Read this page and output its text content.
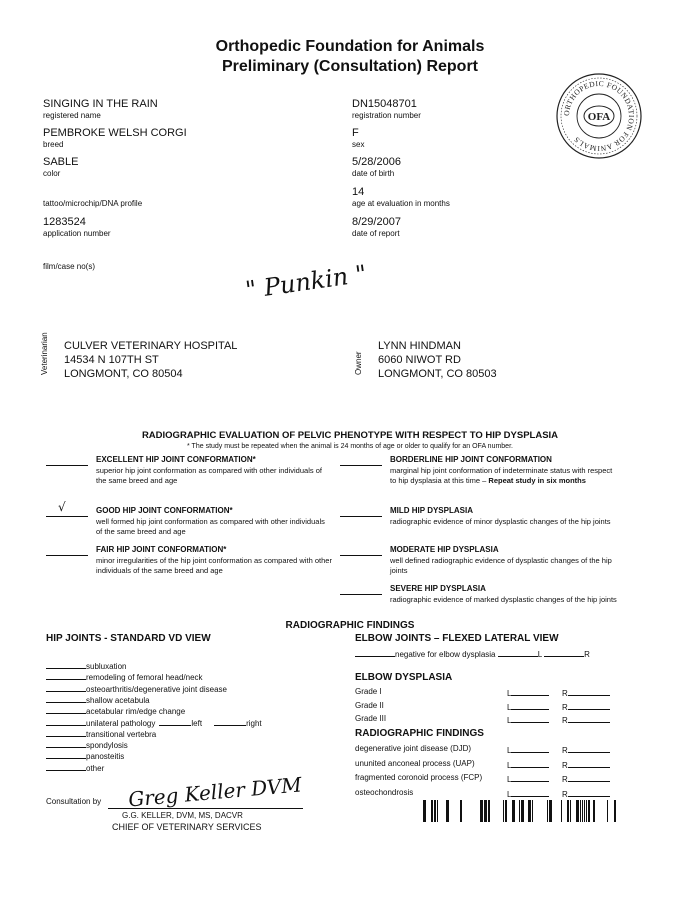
Orthopedic Foundation for Animals
Preliminary (Consultation) Report
ORTHOPEDIC FOUNDATION FOR ANIMALS
OFA
SINGING IN THE RAIN
registered name
PEMBROKE WELSH CORGI
breed
SABLE
color
tattoo/microchip/DNA profile
1283524
application number
film/case no(s)
DN15048701
registration number
F
sex
5/28/2006
date of birth
14
age at evaluation in months
8/29/2007
date of report
" Punkin "
Veterinarian CULVER VETERINARY HOSPITAL
14534 N 107TH ST
LONGMONT, CO 80504	Owner
LYNN HINDMAN
6060 NIWOT RD
LONGMONT, CO 80503
RADIOGRAPHIC EVALUATION OF PELVIC PHENOTYPE WITH RESPECT TO HIP DYSPLASIA
* The study must be repeated when the animal is 24 months of age or older to qualify for an OFA number.
EXCELLENT HIP JOINT CONFORMATION*
superior hip joint conformation as compared with other individuals of the same breed and age
√	GOOD HIP JOINT CONFORMATION*
well formed hip joint conformation as compared with other individuals of the same breed and age
FAIR HIP JOINT CONFORMATION*
minor irregularities of the hip joint conformation as compared with other individuals of the same breed and age
BORDERLINE HIP JOINT CONFORMATION
marginal hip joint conformation of indeterminate status with respect to hip dysplasia at this time – Repeat study in six months
MILD HIP DYSPLASIA
radiographic evidence of minor dysplastic changes of the hip joints
MODERATE HIP DYSPLASIA
well defined radiographic evidence of dysplastic changes of the hip joints
SEVERE HIP DYSPLASIA
radiographic evidence of marked dysplastic changes of the hip joints
RADIOGRAPHIC FINDINGS
HIP JOINTS - STANDARD VD VIEW	ELBOW JOINTS – FLEXED LATERAL VIEW
subluxation
remodeling of femoral head/neck
osteoarthritis/degenerative joint disease
shallow acetabula
acetabular rim/edge change
unilateral pathology	left	right
transitional vertebra
spondylosis
panosteitis
other
negative for elbow dysplasia	L	R
ELBOW DYSPLASIA
Grade I	L	R
Grade II	L	R
Grade III	L	R
RADIOGRAPHIC FINDINGS
degenerative joint disease (DJD)	L	R
ununited anconeal process (UAP)	L	R
fragmented coronoid process (FCP)	L	R
osteochondrosis	L	R
Consultation by Greg Keller DVM
G.G. KELLER, DVM, MS, DACVR
CHIEF OF VETERINARY SERVICES
